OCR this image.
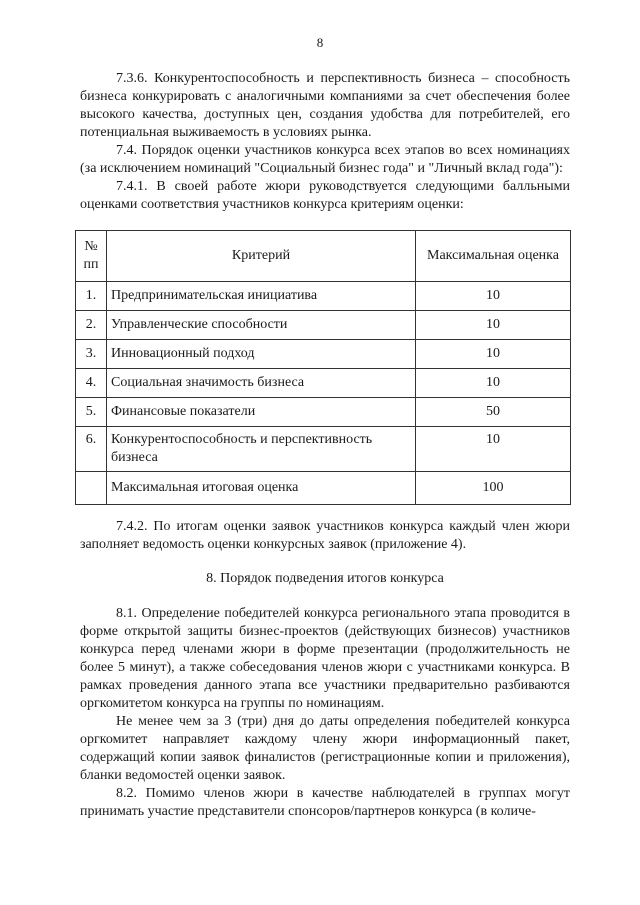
8

7.3.6. Конкурентоспособность и перспективность бизнеса – способность бизнеса конкурировать с аналогичными компаниями за счет обеспечения более высокого качества, доступных цен, создания удобства для потребителей, его потенциальная выживаемость в условиях рынка.

7.4. Порядок оценки участников конкурса всех этапов во всех номинациях (за исключением номинаций "Социальный бизнес года" и "Личный вклад года"):

7.4.1. В своей работе жюри руководствуется следующими балльными оценками соответствия участников конкурса критериям оценки:

№ пп	Критерий	Максимальная оценка
1.	Предпринимательская инициатива	10
2.	Управленческие способности	10
3.	Инновационный подход	10
4.	Социальная значимость бизнеса	10
5.	Финансовые показатели	50
6.	Конкурентоспособность и перспективность бизнеса	10
	Максимальная итоговая оценка	100

7.4.2. По итогам оценки заявок участников конкурса каждый член жюри заполняет ведомость оценки конкурсных заявок (приложение 4).

8. Порядок подведения итогов конкурса

8.1. Определение победителей конкурса регионального этапа проводится в форме открытой защиты бизнес-проектов (действующих бизнесов) участников конкурса перед членами жюри в форме презентации (продолжительность не более 5 минут), а также собеседования членов жюри с участниками конкурса. В рамках проведения данного этапа все участники предварительно разбиваются оргкомитетом конкурса на группы по номинациям.

Не менее чем за 3 (три) дня до даты определения победителей конкурса оргкомитет направляет каждому члену жюри информационный пакет, содержащий копии заявок финалистов (регистрационные копии и приложения), бланки ведомостей оценки заявок.

8.2. Помимо членов жюри в качестве наблюдателей в группах могут принимать участие представители спонсоров/партнеров конкурса (в количе-
